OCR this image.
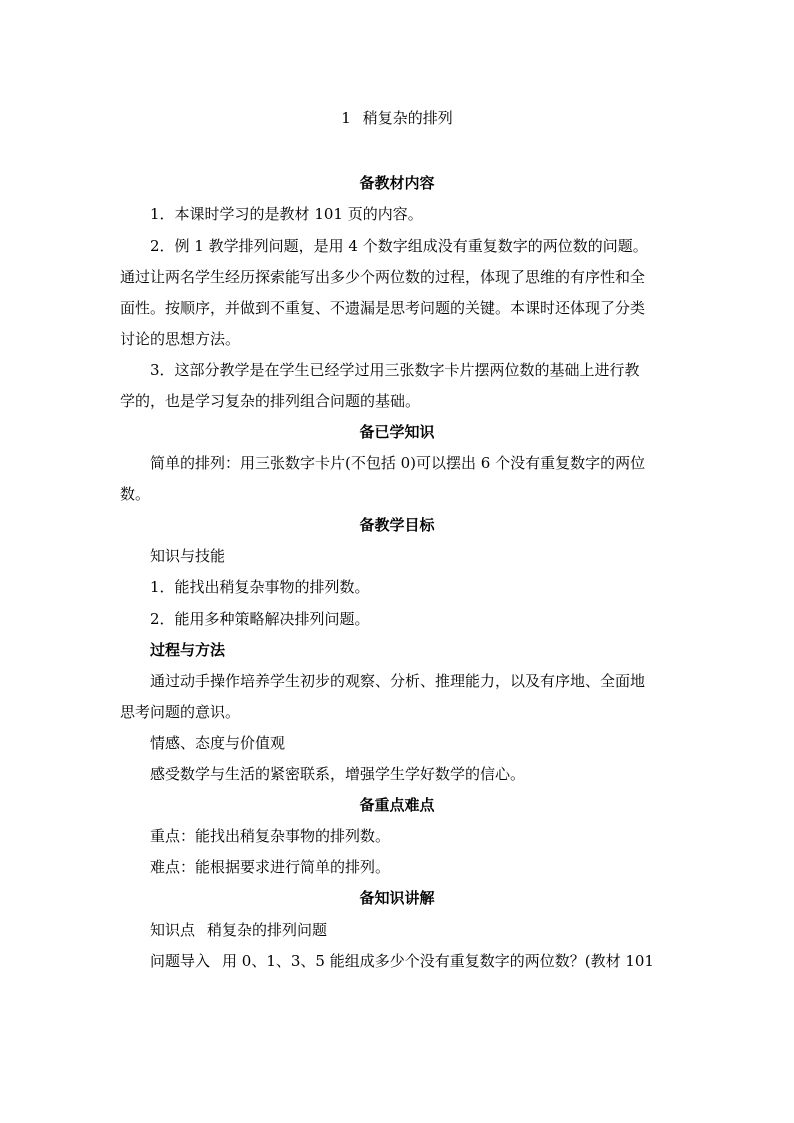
1 稍复杂的排列
备教材内容
1．本课时学习的是教材 101 页的内容。
2．例 1 教学排列问题，是用 4 个数字组成没有重复数字的两位数的问题。
通过让两名学生经历探索能写出多少个两位数的过程，体现了思维的有序性和全
面性。按顺序，并做到不重复、不遗漏是思考问题的关键。本课时还体现了分类
讨论的思想方法。
3．这部分教学是在学生已经学过用三张数字卡片摆两位数的基础上进行教
学的，也是学习复杂的排列组合问题的基础。
备已学知识
简单的排列：用三张数字卡片(不包括 0)可以摆出 6 个没有重复数字的两位
数。
备教学目标
知识与技能
1．能找出稍复杂事物的排列数。
2．能用多种策略解决排列问题。
过程与方法
通过动手操作培养学生初步的观察、分析、推理能力，以及有序地、全面地
思考问题的意识。
情感、态度与价值观
感受数学与生活的紧密联系，增强学生学好数学的信心。
备重点难点
重点：能找出稍复杂事物的排列数。
难点：能根据要求进行简单的排列。
备知识讲解
知识点 稍复杂的排列问题
问题导入 用 0、1、3、5 能组成多少个没有重复数字的两位数？(教材 101
